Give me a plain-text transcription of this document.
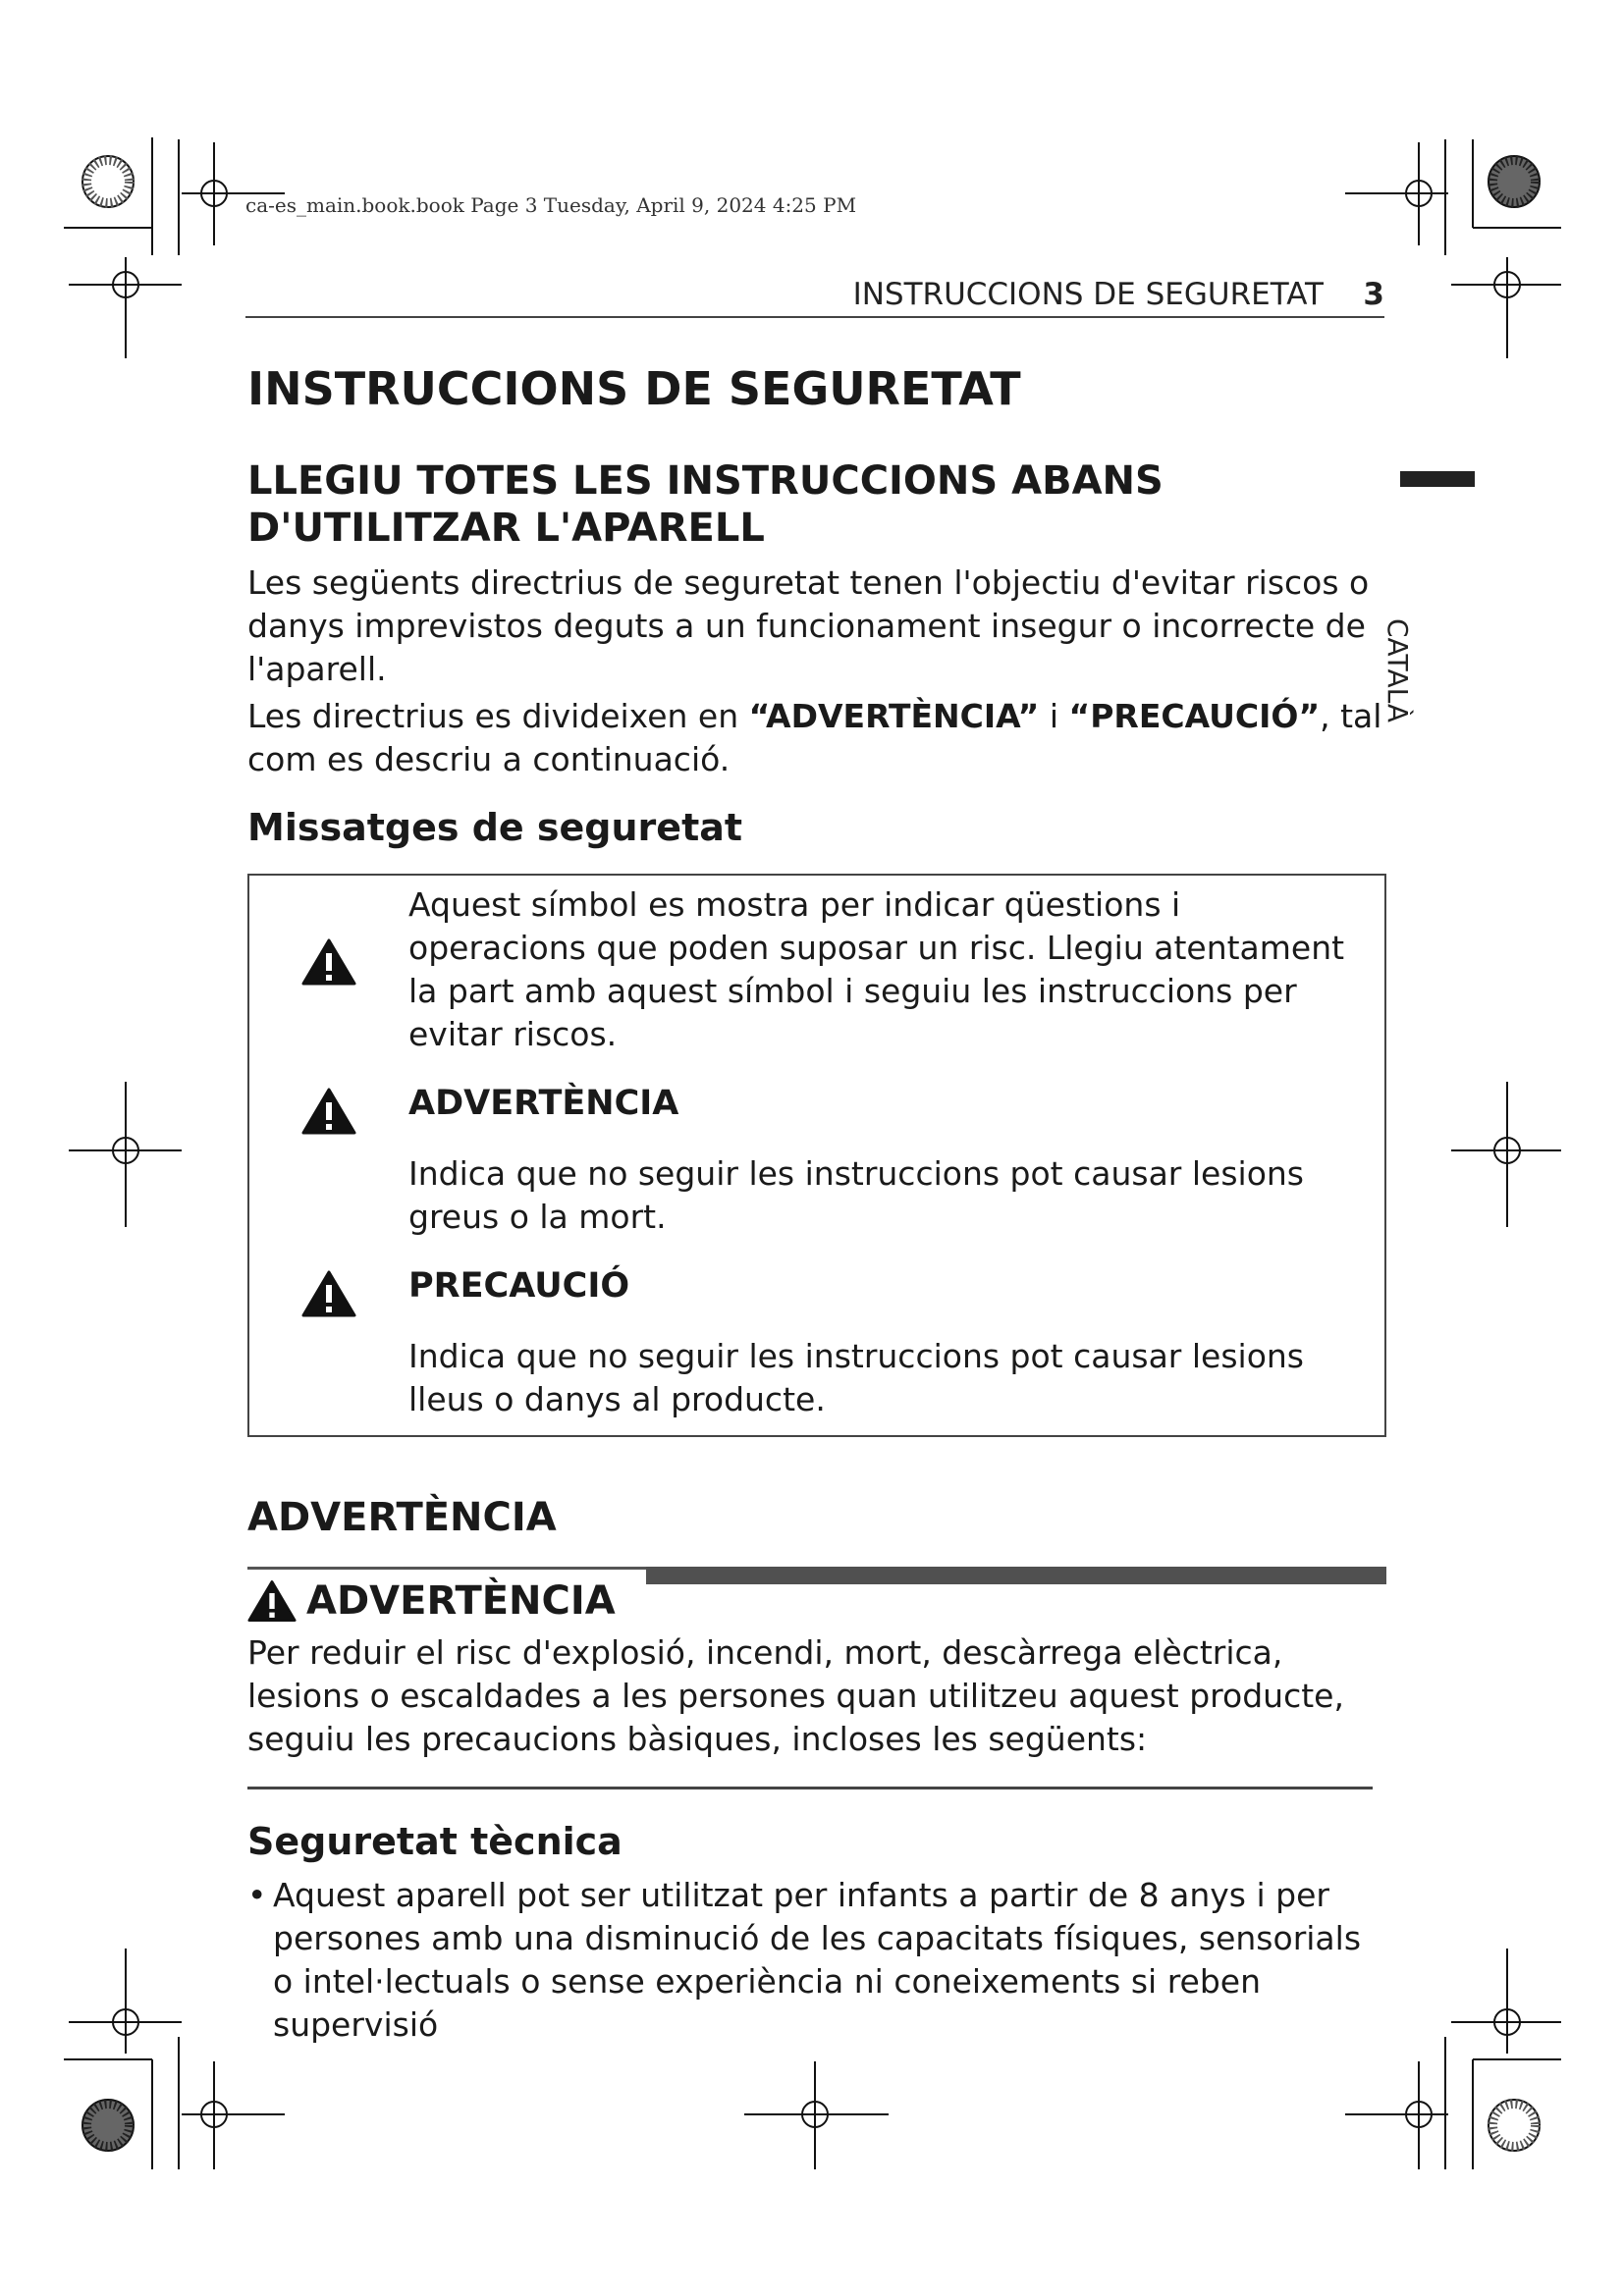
ca-es_main.book.book Page 3 Tuesday, April 9, 2024 4:25 PM
INSTRUCCIONS DE SEGURETAT 3
CATALÀ
INSTRUCCIONS DE SEGURETAT
LLEGIU TOTES LES INSTRUCCIONS ABANS D'UTILITZAR L'APARELL

Les següents directrius de seguretat tenen l'objectiu d'evitar riscos o danys imprevistos deguts a un funcionament insegur o incorrecte de l'aparell.

Les directrius es divideixen en “ADVERTÈNCIA” i “PRECAUCIÓ”, tal com es descriu a continuació.

Missatges de seguretat

Aquest símbol es mostra per indicar qüestions i operacions que poden suposar un risc. Llegiu atentament la part amb aquest símbol i seguiu les instruccions per evitar riscos.

ADVERTÈNCIA

Indica que no seguir les instruccions pot causar lesions greus o la mort.

PRECAUCIÓ

Indica que no seguir les instruccions pot causar lesions lleus o danys al producte.

ADVERTÈNCIA
ADVERTÈNCIA

Per reduir el risc d'explosió, incendi, mort, descàrrega elèctrica, lesions o escaldades a les persones quan utilitzeu aquest producte, seguiu les precaucions bàsiques, incloses les següents:

Seguretat tècnica
• Aquest aparell pot ser utilitzat per infants a partir de 8 anys i per persones amb una disminució de les capacitats físiques, sensorials o intel·lectuals o sense experiència ni coneixements si reben supervisió
